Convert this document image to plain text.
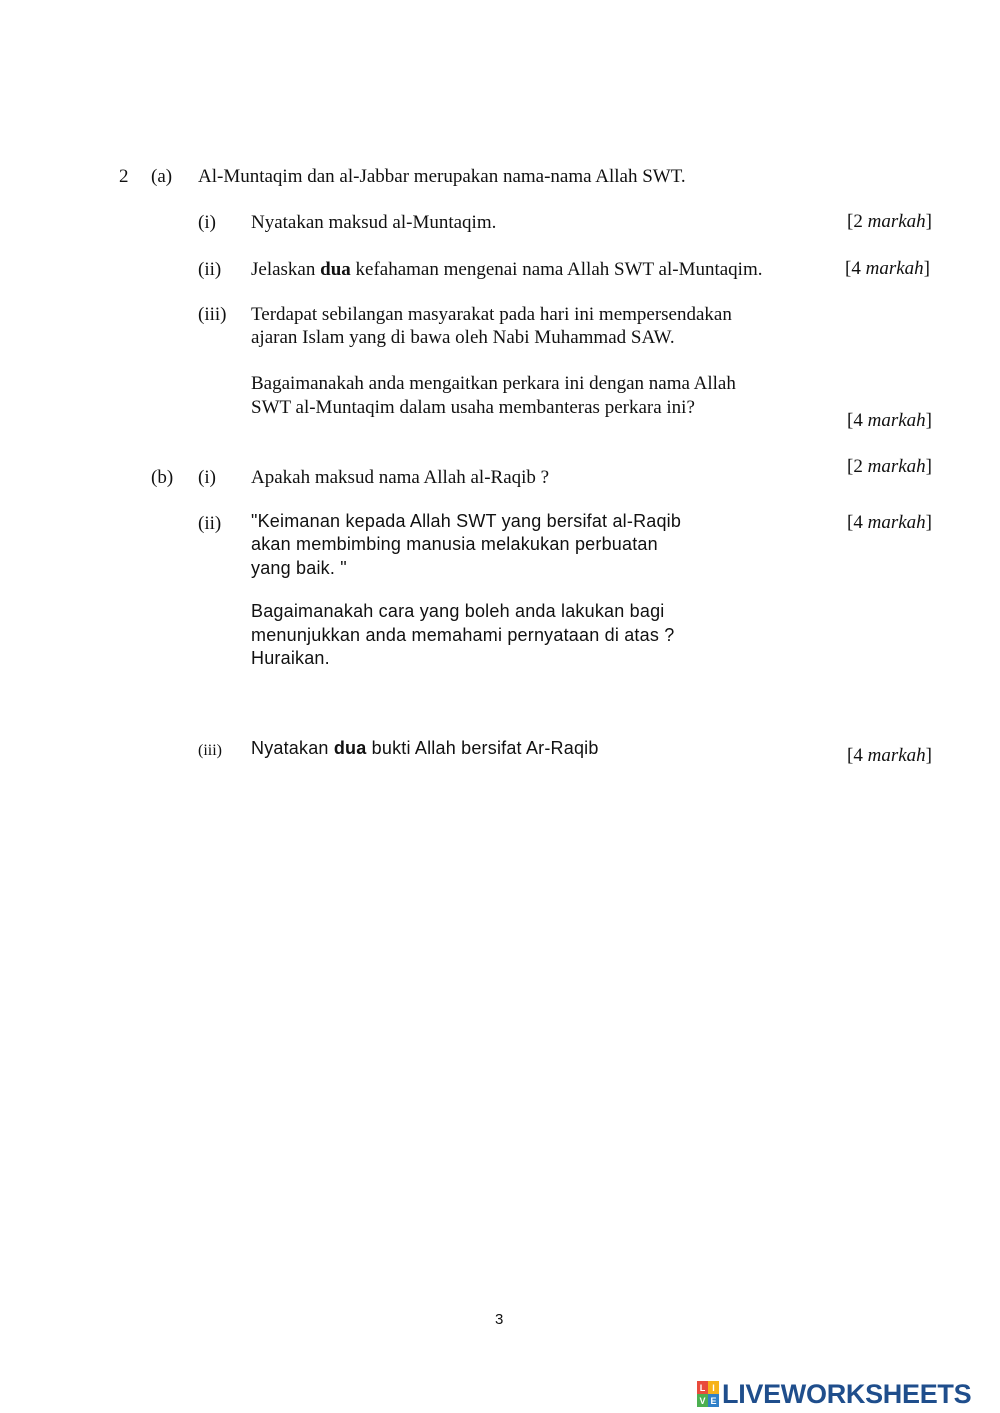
2 (a) Al-Muntaqim dan al-Jabbar merupakan nama-nama Allah SWT.
(i) Nyatakan maksud al-Muntaqim.	[2 markah]
(ii) Jelaskan dua kefahaman mengenai nama Allah SWT al-Muntaqim.	[4 markah]
(iii) Terdapat sebilangan masyarakat pada hari ini mempersendakan
ajaran Islam yang di bawa oleh Nabi Muhammad SAW.
Bagaimanakah anda mengaitkan perkara ini dengan nama Allah
SWT al-Muntaqim dalam usaha membanteras perkara ini?
[4 markah]
(b) (i) Apakah maksud nama Allah al-Raqib ?
[2 markah]
(ii) "Keimanan kepada Allah SWT yang bersifat al-Raqib
akan membimbing manusia melakukan perbuatan
yang baik. "
Bagaimanakah cara yang boleh anda lakukan bagi
menunjukkan anda memahami pernyataan di atas ?
Huraikan.
[4 markah]
(iii) Nyatakan dua bukti Allah bersifat Ar-Raqib	[4 markah]
3
L I
V E LIVEWORKSHEETS
